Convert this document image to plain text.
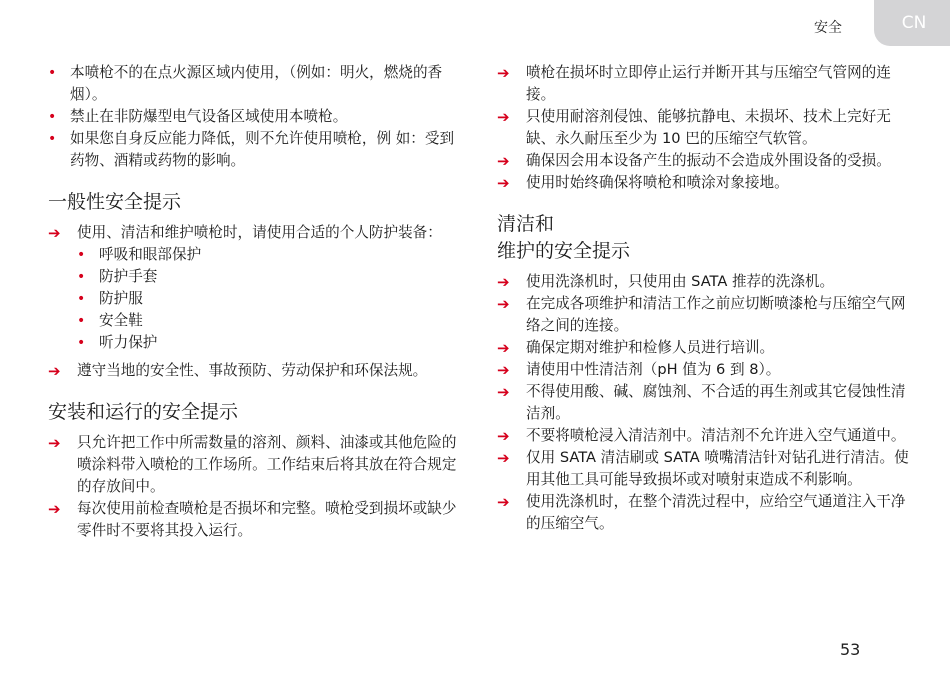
安全	CN
• 本喷枪不的在点火源区域内使用，（例如：明火，燃烧的香烟）。
• 禁止在非防爆型电气设备区域使用本喷枪。
• 如果您自身反应能力降低，则不允许使用喷枪，例 如：受到药物、酒精或药物的影响。
一般性安全提示
➔ 使用、清洁和维护喷枪时，请使用合适的个人防护装备：
• 呼吸和眼部保护
• 防护手套
• 防护服
• 安全鞋
• 听力保护
➔ 遵守当地的安全性、事故预防、劳动保护和环保法规。
安装和运行的安全提示
➔ 只允许把工作中所需数量的溶剂、颜料、油漆或其他危险的喷涂料带入喷枪的工作场所。工作结束后将其放在符合规定的存放间中。
➔ 每次使用前检查喷枪是否损坏和完整。喷枪受到损坏或缺少零件时不要将其投入运行。
➔ 喷枪在损坏时立即停止运行并断开其与压缩空气管网的连接。
➔ 只使用耐溶剂侵蚀、能够抗静电、未损坏、技术上完好无缺、永久耐压至少为 10 巴的压缩空气软管。
➔ 确保因会用本设备产生的振动不会造成外围设备的受损。
➔ 使用时始终确保将喷枪和喷涂对象接地。
清洁和
维护的安全提示
➔ 使用洗涤机时，只使用由 SATA 推荐的洗涤机。
➔ 在完成各项维护和清洁工作之前应切断喷漆枪与压缩空气网络之间的连接。
➔ 确保定期对维护和检修人员进行培训。
➔ 请使用中性清洁剂（pH 值为 6 到 8）。
➔ 不得使用酸、碱、腐蚀剂、不合适的再生剂或其它侵蚀性清洁剂。
➔ 不要将喷枪浸入清洁剂中。清洁剂不允许进入空气通道中。
➔ 仅用 SATA 清洁刷或 SATA 喷嘴清洁针对钻孔进行清洁。使用其他工具可能导致损坏或对喷射束造成不利影响。
➔ 使用洗涤机时，在整个清洗过程中，应给空气通道注入干净的压缩空气。
53
